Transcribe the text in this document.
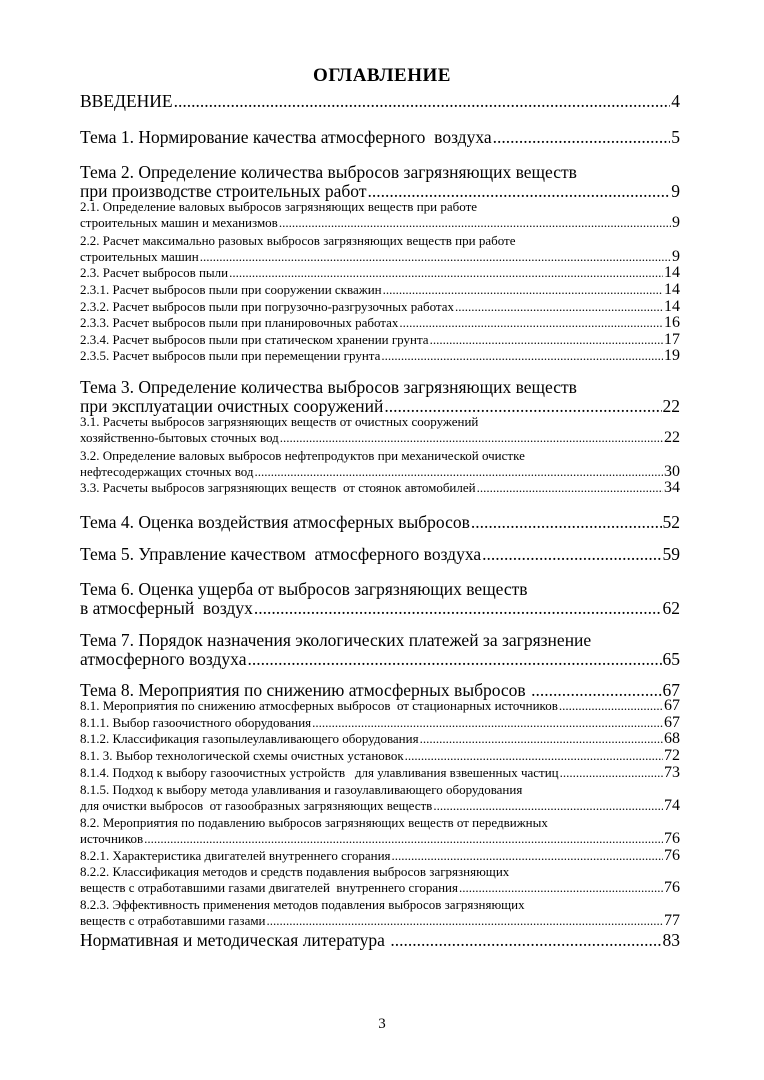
ОГЛАВЛЕНИЕ
ВВЕДЕНИЕ .....	4
Тема 1. Нормирование качества атмосферного  воздуха .....	5
Тема 2. Определение количества выбросов загрязняющих веществ
при производстве строительных работ .....	9
2.1. Определение валовых выбросов загрязняющих веществ при работе
строительных машин и механизмов .....	9
2.2. Расчет максимально разовых выбросов загрязняющих веществ при работе
строительных машин .....	9
2.3. Расчет выбросов пыли .....	14
2.3.1. Расчет выбросов пыли при сооружении скважин .....	14
2.3.2. Расчет выбросов пыли при погрузочно-разгрузочных работах .....	14
2.3.3. Расчет выбросов пыли при планировочных работах .....	16
2.3.4. Расчет выбросов пыли при статическом хранении грунта .....	17
2.3.5. Расчет выбросов пыли при перемещении грунта .....	19
Тема 3. Определение количества выбросов загрязняющих веществ
при эксплуатации очистных сооружений .....	22
3.1. Расчеты выбросов загрязняющих веществ от очистных сооружений
хозяйственно-бытовых сточных вод .....	22
3.2. Определение валовых выбросов нефтепродуктов при механической очистке
нефтесодержащих сточных вод .....	30
3.3. Расчеты выбросов загрязняющих веществ  от стоянок автомобилей .....	34
Тема 4. Оценка воздействия атмосферных выбросов .....	52
Тема 5. Управление качеством  атмосферного воздуха .....	59
Тема 6. Оценка ущерба от выбросов загрязняющих веществ
в атмосферный  воздух .....	62
Тема 7. Порядок назначения экологических платежей за загрязнение
атмосферного воздуха .....	65
Тема 8. Мероприятия по снижению атмосферных выбросов .....	67
8.1. Мероприятия по снижению атмосферных выбросов  от стационарных источников .....	67
8.1.1. Выбор газоочистного оборудования .....	67
8.1.2. Классификация газопылеулавливающего оборудования .....	68
8.1. 3. Выбор технологической схемы очистных установок .....	72
8.1.4. Подход к выбору газоочистных устройств   для улавливания взвешенных частиц .....	73
8.1.5. Подход к выбору метода улавливания и газоулавливающего оборудования
для очистки выбросов  от газообразных загрязняющих веществ .....	74
8.2. Мероприятия по подавлению выбросов загрязняющих веществ от передвижных
источников .....	76
8.2.1. Характеристика двигателей внутреннего сгорания .....	76
8.2.2. Классификация методов и средств подавления выбросов загрязняющих
веществ с отработавшими газами двигателей  внутреннего сгорания .....	76
8.2.3. Эффективность применения методов подавления выбросов загрязняющих
веществ с отработавшими газами .....	77
Нормативная и методическая литература .....	83
3
